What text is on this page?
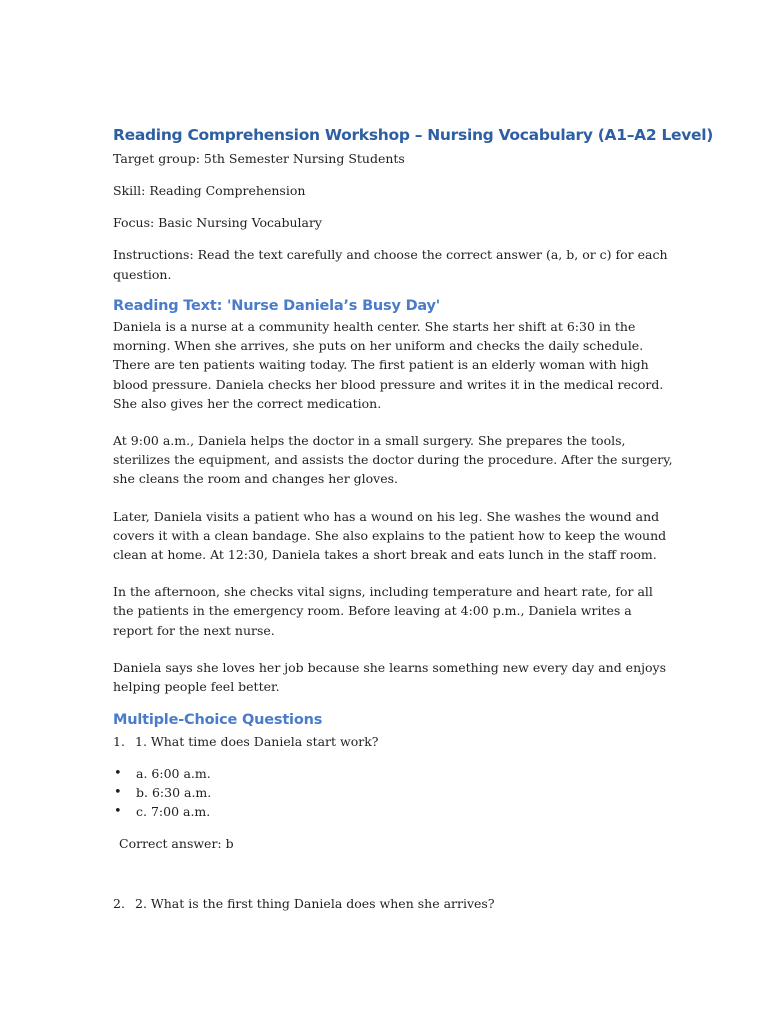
Reading Comprehension Workshop – Nursing Vocabulary (A1–A2 Level)

Target group: 5th Semester Nursing Students

Skill: Reading Comprehension

Focus: Basic Nursing Vocabulary

Instructions: Read the text carefully and choose the correct answer (a, b, or c) for each question.

Reading Text: 'Nurse Daniela’s Busy Day'

Daniela is a nurse at a community health center. She starts her shift at 6:30 in the morning. When she arrives, she puts on her uniform and checks the daily schedule. There are ten patients waiting today. The first patient is an elderly woman with high blood pressure. Daniela checks her blood pressure and writes it in the medical record. She also gives her the correct medication.

At 9:00 a.m., Daniela helps the doctor in a small surgery. She prepares the tools, sterilizes the equipment, and assists the doctor during the procedure. After the surgery, she cleans the room and changes her gloves.

Later, Daniela visits a patient who has a wound on his leg. She washes the wound and covers it with a clean bandage. She also explains to the patient how to keep the wound clean at home. At 12:30, Daniela takes a short break and eats lunch in the staff room.

In the afternoon, she checks vital signs, including temperature and heart rate, for all the patients in the emergency room. Before leaving at 4:00 p.m., Daniela writes a report for the next nurse.

Daniela says she loves her job because she learns something new every day and enjoys helping people feel better.

Multiple-Choice Questions
1. 1. What time does Daniela start work?
•	a. 6:00 a.m.
•	b. 6:30 a.m.
•	c. 7:00 a.m.

Correct answer: b

2. 2. What is the first thing Daniela does when she arrives?
